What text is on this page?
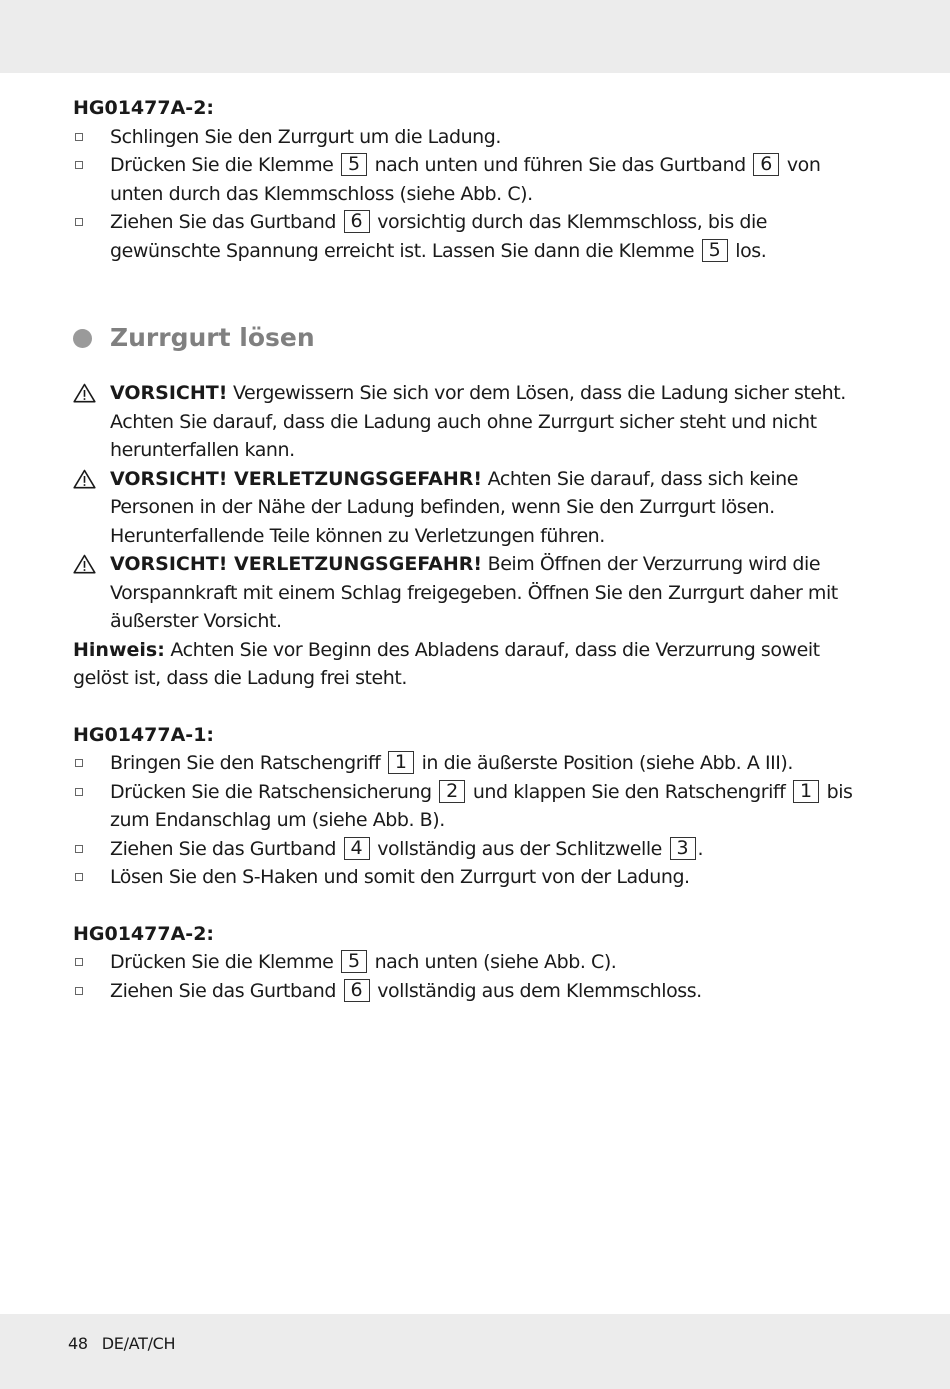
HG01477A-2:
Schlingen Sie den Zurrgurt um die Ladung.
Drücken Sie die Klemme 5 nach unten und führen Sie das Gurtband 6 von unten durch das Klemmschloss (siehe Abb. C).
Ziehen Sie das Gurtband 6 vorsichtig durch das Klemmschloss, bis die gewünschte Spannung erreicht ist. Lassen Sie dann die Klemme 5 los.
Zurrgurt lösen
VORSICHT! Vergewissern Sie sich vor dem Lösen, dass die Ladung sicher steht. Achten Sie darauf, dass die Ladung auch ohne Zurrgurt sicher steht und nicht herunterfallen kann.
VORSICHT! VERLETZUNGSGEFAHR! Achten Sie darauf, dass sich keine Personen in der Nähe der Ladung befinden, wenn Sie den Zurrgurt lösen. Herunterfallende Teile können zu Verletzungen führen.
VORSICHT! VERLETZUNGSGEFAHR! Beim Öffnen der Verzurrung wird die Vorspannkraft mit einem Schlag freigegeben. Öffnen Sie den Zurrgurt daher mit äußerster Vorsicht.
Hinweis: Achten Sie vor Beginn des Abladens darauf, dass die Verzurrung soweit gelöst ist, dass die Ladung frei steht.
HG01477A-1:
Bringen Sie den Ratschengriff 1 in die äußerste Position (siehe Abb. A III).
Drücken Sie die Ratschensicherung 2 und klappen Sie den Ratschengriff 1 bis zum Endanschlag um (siehe Abb. B).
Ziehen Sie das Gurtband 4 vollständig aus der Schlitzwelle 3 .
Lösen Sie den S-Haken und somit den Zurrgurt von der Ladung.
HG01477A-2:
Drücken Sie die Klemme 5 nach unten (siehe Abb. C).
Ziehen Sie das Gurtband 6 vollständig aus dem Klemmschloss.
48 DE/AT/CH
